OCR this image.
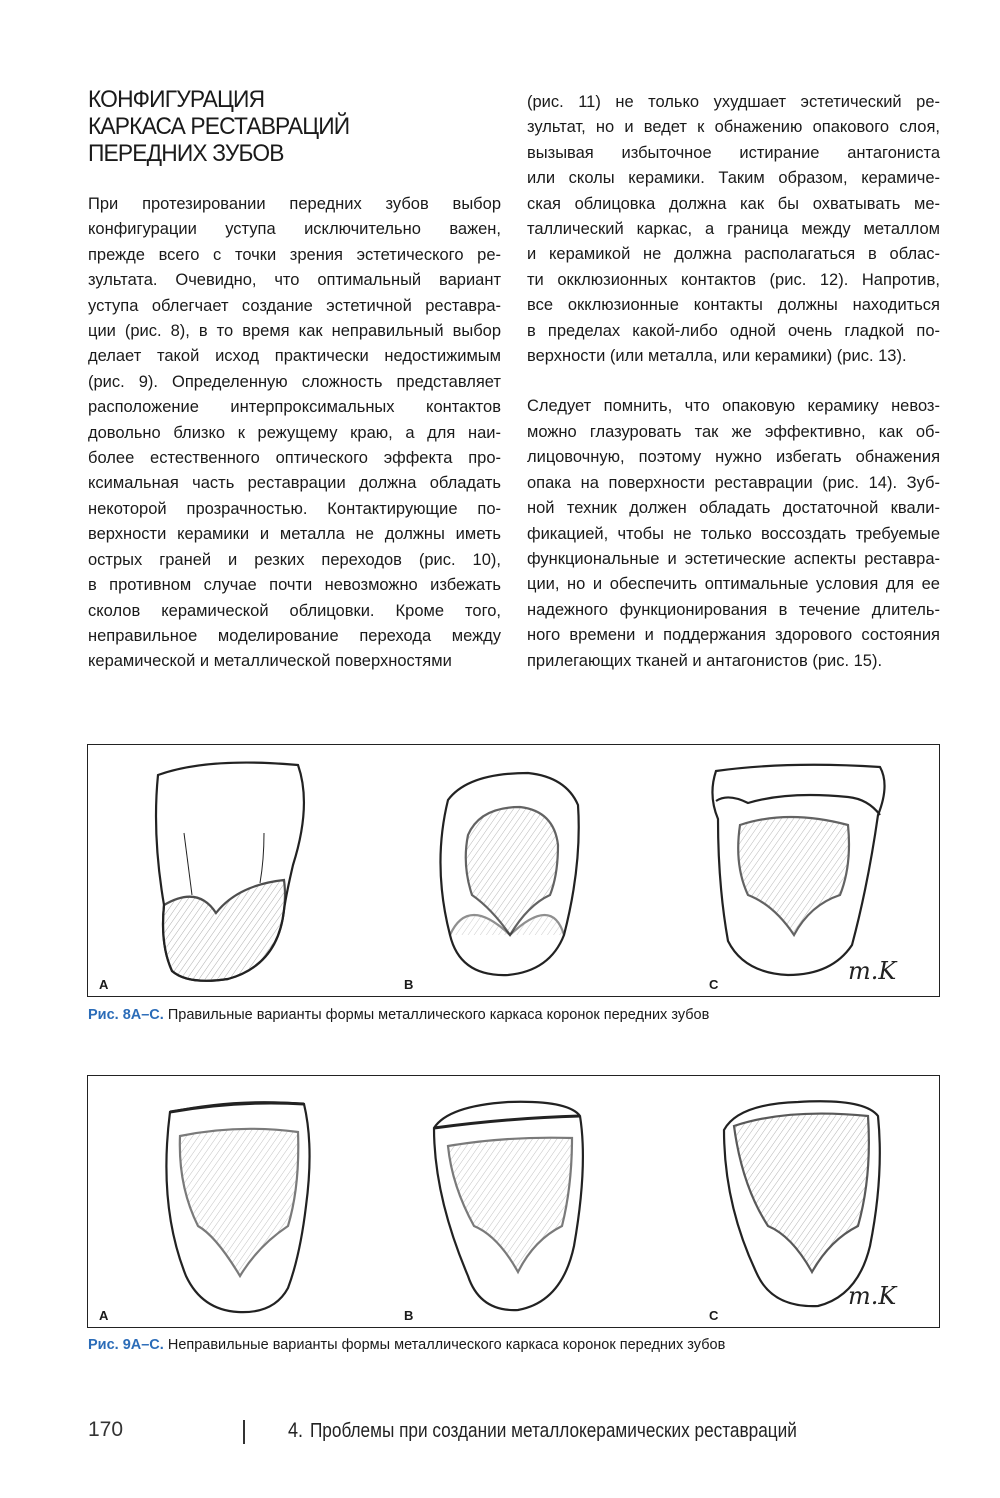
КОНФИГУРАЦИЯ
КАРКАСА РЕСТАВРАЦИЙ
ПЕРЕДНИХ ЗУБОВ
При протезировании передних зубов выбор
конфигурации уступа исключительно важен,
прежде всего с точки зрения эстетического ре-
зультата. Очевидно, что оптимальный вариант
уступа облегчает создание эстетичной реставра-
ции (рис. 8), в то время как неправильный выбор
делает такой исход практически недостижимым
(рис. 9). Определенную сложность представляет
расположение интерпроксимальных контактов
довольно близко к режущему краю, а для наи-
более естественного оптического эффекта про-
ксимальная часть реставрации должна обладать
некоторой прозрачностью. Контактирующие по-
верхности керамики и металла не должны иметь
острых граней и резких переходов (рис. 10),
в противном случае почти невозможно избежать
сколов керамической облицовки. Кроме того,
неправильное моделирование перехода между
керамической и металлической поверхностями
(рис. 11) не только ухудшает эстетический ре-
зультат, но и ведет к обнажению опакового слоя,
вызывая избыточное истирание антагониста
или сколы керамики. Таким образом, керамиче-
ская облицовка должна как бы охватывать ме-
таллический каркас, а граница между металлом
и керамикой не должна располагаться в облас-
ти окклюзионных контактов (рис. 12). Напротив,
все окклюзионные контакты должны находиться
в пределах какой-либо одной очень гладкой по-
верхности (или металла, или керамики) (рис. 13).
Следует помнить, что опаковую керамику невоз-
можно глазуровать так же эффективно, как об-
лицовочную, поэтому нужно избегать обнажения
опака на поверхности реставрации (рис. 14). Зуб-
ной техник должен обладать достаточной квали-
фикацией, чтобы не только воссоздать требуемые
функциональные и эстетические аспекты реставра-
ции, но и обеспечить оптимальные условия для ее
надежного функционирования в течение длитель-
ного времени и поддержания здорового состояния
прилегающих тканей и антагонистов (рис. 15).
A	B	C	m.K
Рис. 8А–С. Правильные варианты формы металлического каркаса коронок передних зубов
A	B	C
m.K
Рис. 9А–С. Неправильные варианты формы металлического каркаса коронок передних зубов
170	4. Проблемы при создании металлокерамических реставраций
